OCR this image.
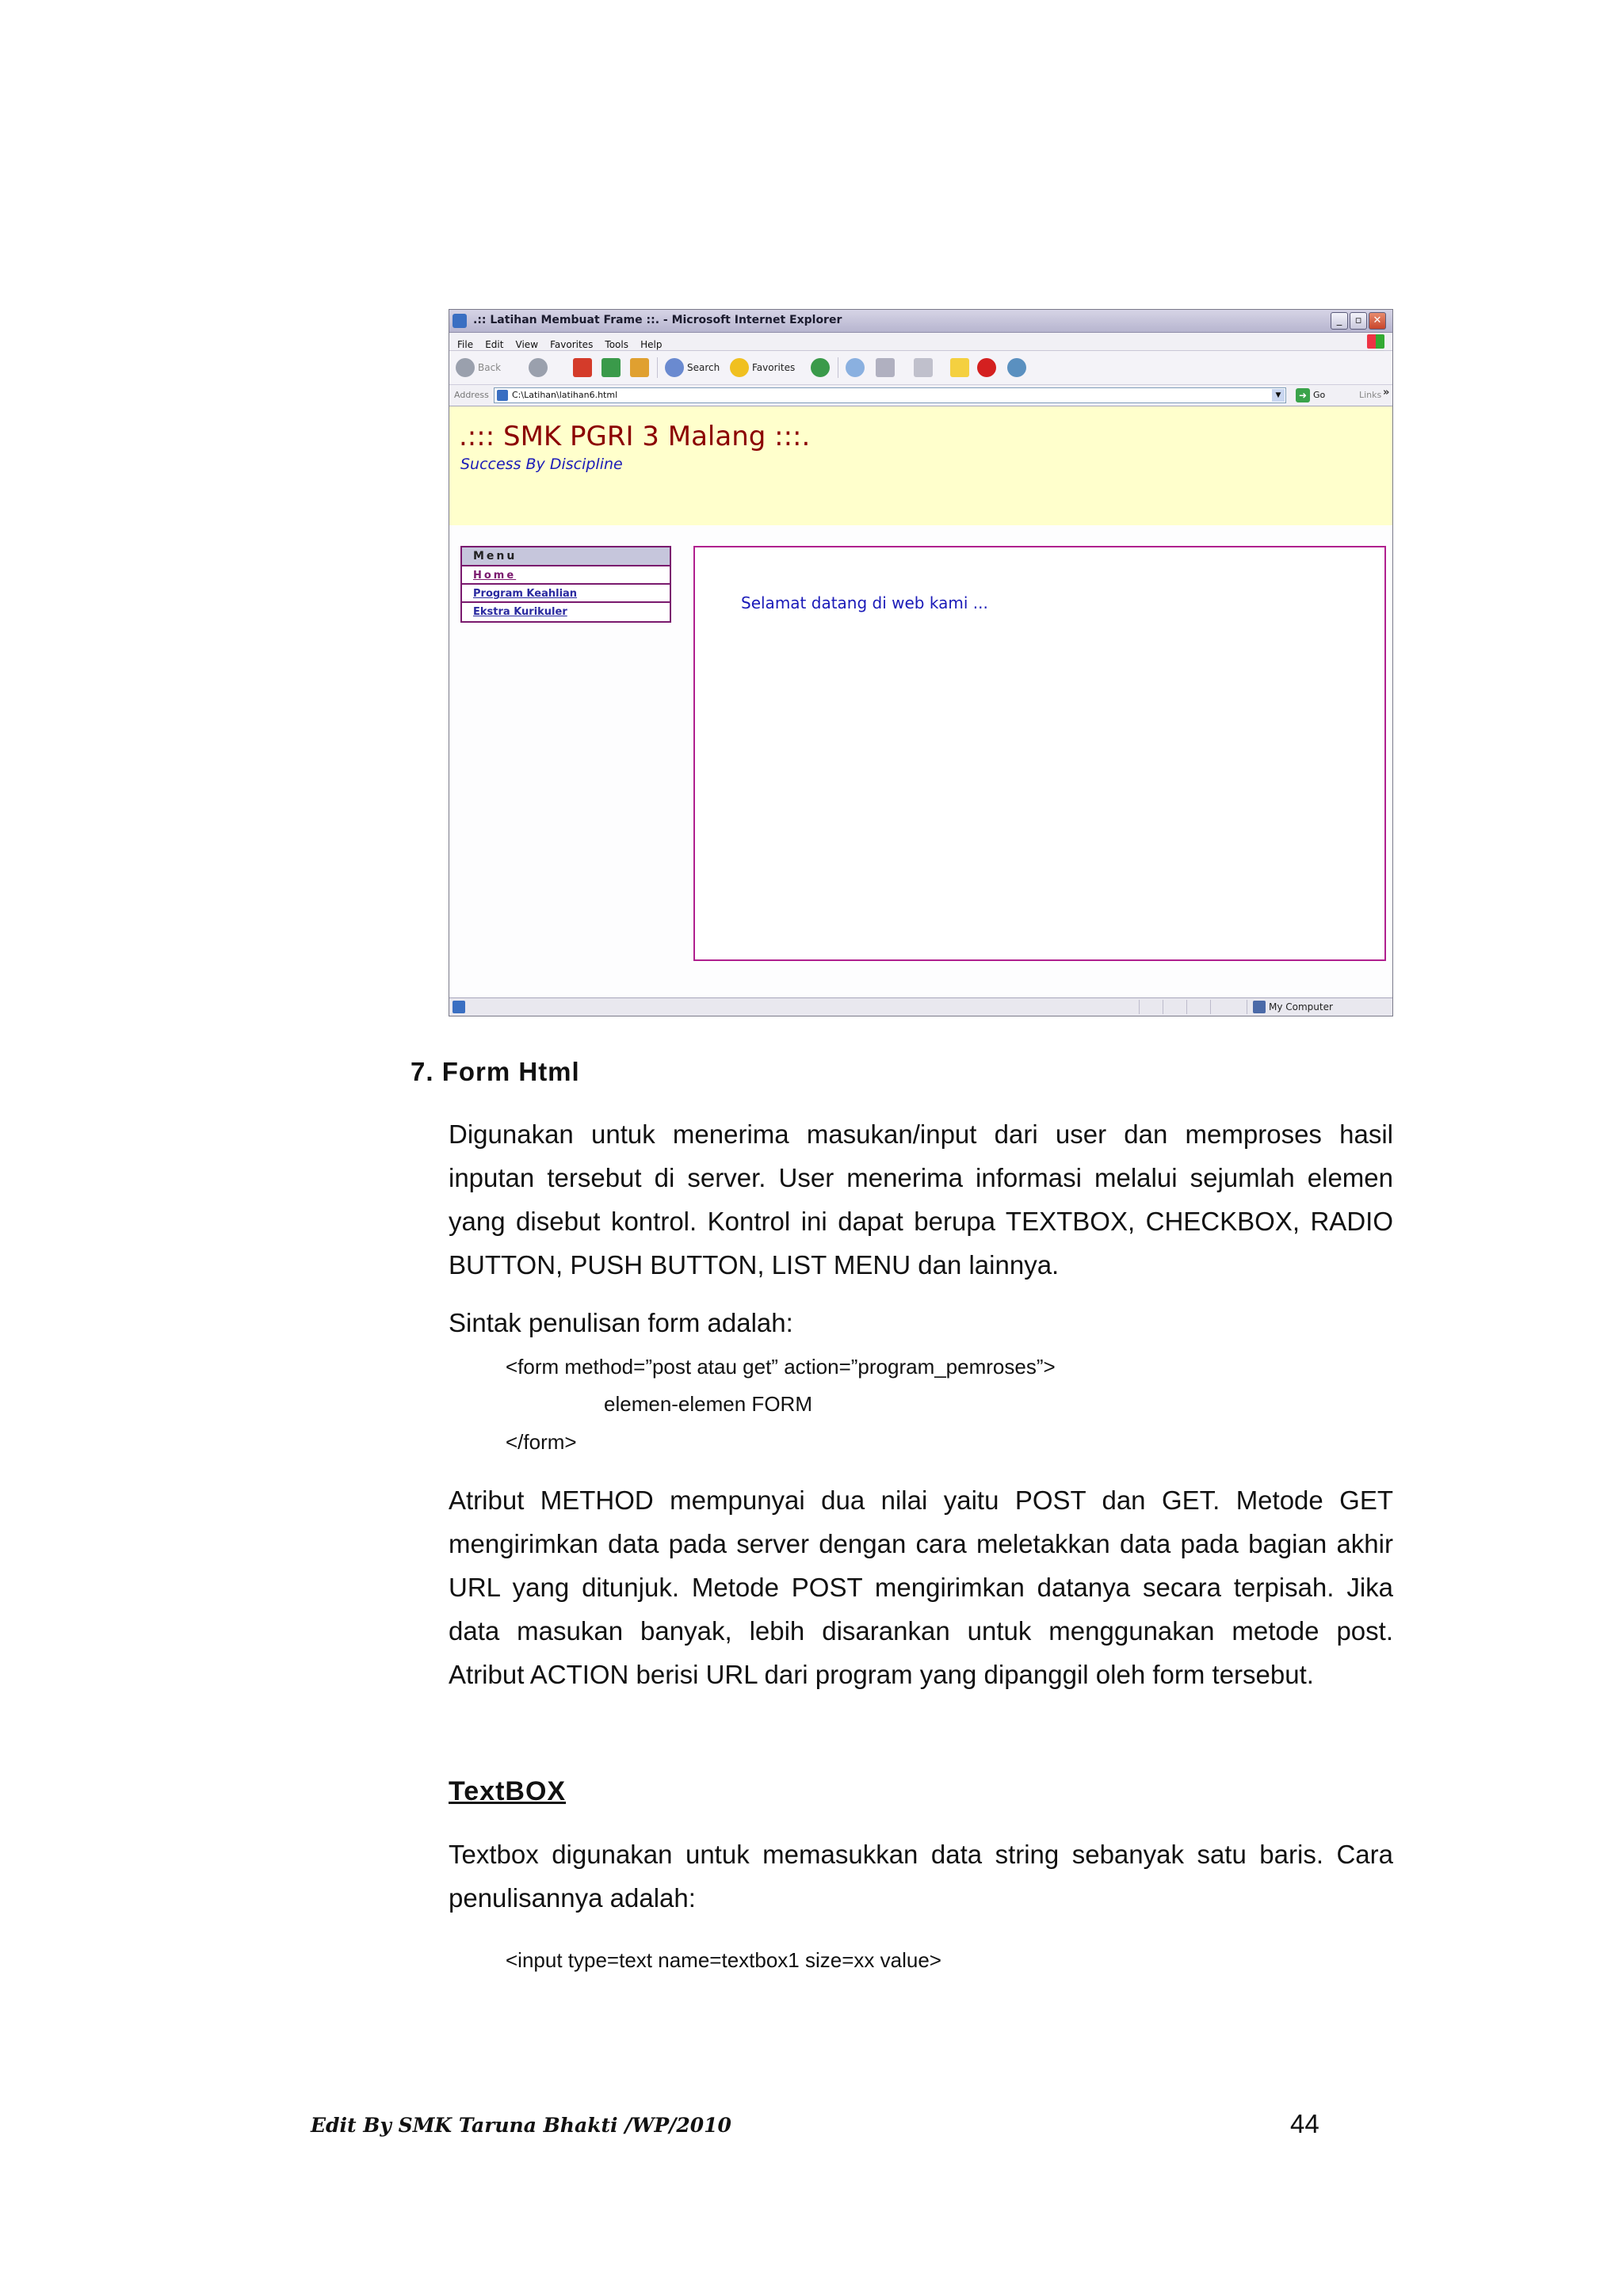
.:: Latihan Membuat Frame ::. - Microsoft Internet Explorer	_	▫	✕
File Edit View Favorites Tools Help
Back	Search	Favorites
Address	C:\Latihan\latihan6.html	▼	➜ Go	Links »
.::: SMK PGRI 3 Malang :::.
Success By Discipline
Menu
Home
Program Keahlian
Ekstra Kurikuler	Selamat datang di web kami ...
My Computer
7. Form Html
Digunakan untuk menerima masukan/input dari user dan memproses hasil inputan tersebut di server. User menerima informasi melalui sejumlah elemen yang disebut kontrol. Kontrol ini dapat berupa TEXTBOX, CHECKBOX, RADIO BUTTON, PUSH BUTTON, LIST MENU dan lainnya.
Sintak penulisan form adalah:
<form method=”post atau get” action=”program_pemroses”>
elemen-elemen FORM
</form>
Atribut METHOD mempunyai dua nilai yaitu POST dan GET. Metode GET mengirimkan data pada server dengan cara meletakkan data pada bagian akhir URL yang ditunjuk. Metode POST mengirimkan datanya secara terpisah. Jika data masukan banyak, lebih disarankan untuk menggunakan metode post. Atribut ACTION berisi URL dari program yang dipanggil oleh form tersebut.
TextBOX
Textbox digunakan untuk memasukkan data string sebanyak satu baris. Cara penulisannya adalah:
<input type=text name=textbox1 size=xx value>
Edit By SMK Taruna Bhakti /WP/2010	44
